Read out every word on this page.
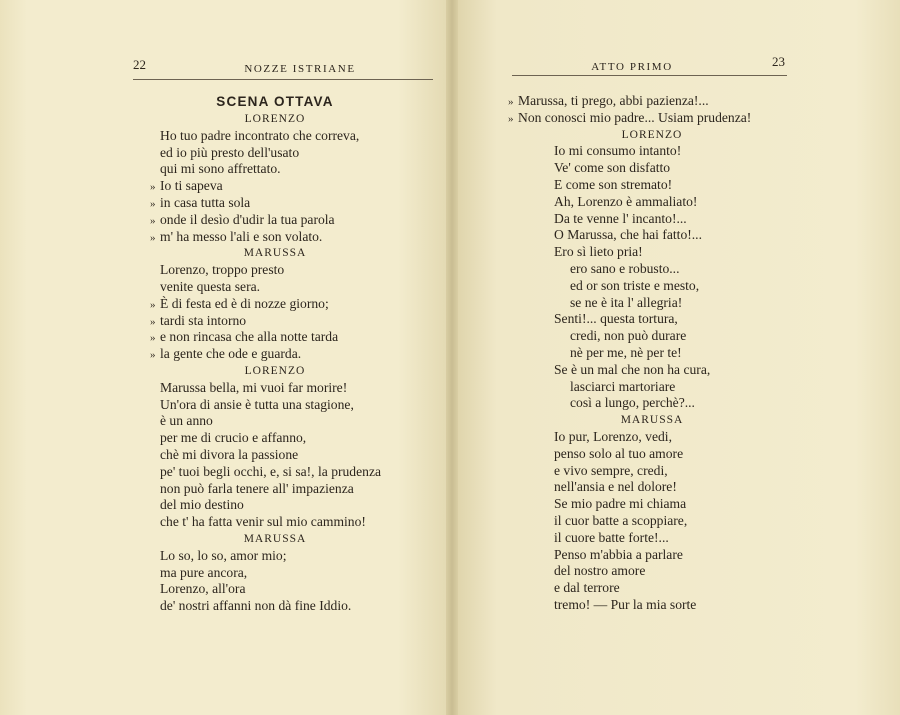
22	NOZZE ISTRIANE
SCENA OTTAVA
LORENZO
Ho tuo padre incontrato che correva,
ed io più presto dell'usato
qui mi sono affrettato.
» Io ti sapeva
» in casa tutta sola
» onde il desìo d'udir la tua parola
» m' ha messo l'ali e son volato.
MARUSSA
Lorenzo, troppo presto
venite questa sera.
» È di festa ed è di nozze giorno;
» tardi sta intorno
» e non rincasa che alla notte tarda
» la gente che ode e guarda.
LORENZO
Marussa bella, mi vuoi far morire!
Un'ora di ansie è tutta una stagione,
è un anno
per me di crucio e affanno,
chè mi divora la passione
pe' tuoi begli occhi, e, si sa!, la prudenza
non può farla tenere all' impazienza
del mio destino
che t' ha fatta venir sul mio cammino!
MARUSSA
Lo so, lo so, amor mio;
ma pure ancora,
Lorenzo, all'ora
de' nostri affanni non dà fine Iddio.
23
ATTO PRIMO
» Marussa, ti prego, abbi pazienza!...
» Non conosci mio padre... Usiam prudenza!
LORENZO
Io mi consumo intanto!
Ve' come son disfatto
E come son stremato!
Ah, Lorenzo è ammaliato!
Da te venne l' incanto!...
O Marussa, che hai fatto!...
Ero sì lieto pria!
ero sano e robusto...
ed or son triste e mesto,
se ne è ita l' allegria!
Senti!... questa tortura,
credi, non può durare
nè per me, nè per te!
Se è un mal che non ha cura,
lasciarci martoriare
così a lungo, perchè?...
MARUSSA
Io pur, Lorenzo, vedi,
penso solo al tuo amore
e vivo sempre, credi,
nell'ansia e nel dolore!
Se mio padre mi chiama
il cuor batte a scoppiare,
il cuore batte forte!...
Penso m'abbia a parlare
del nostro amore
e dal terrore
tremo! — Pur la mia sorte
